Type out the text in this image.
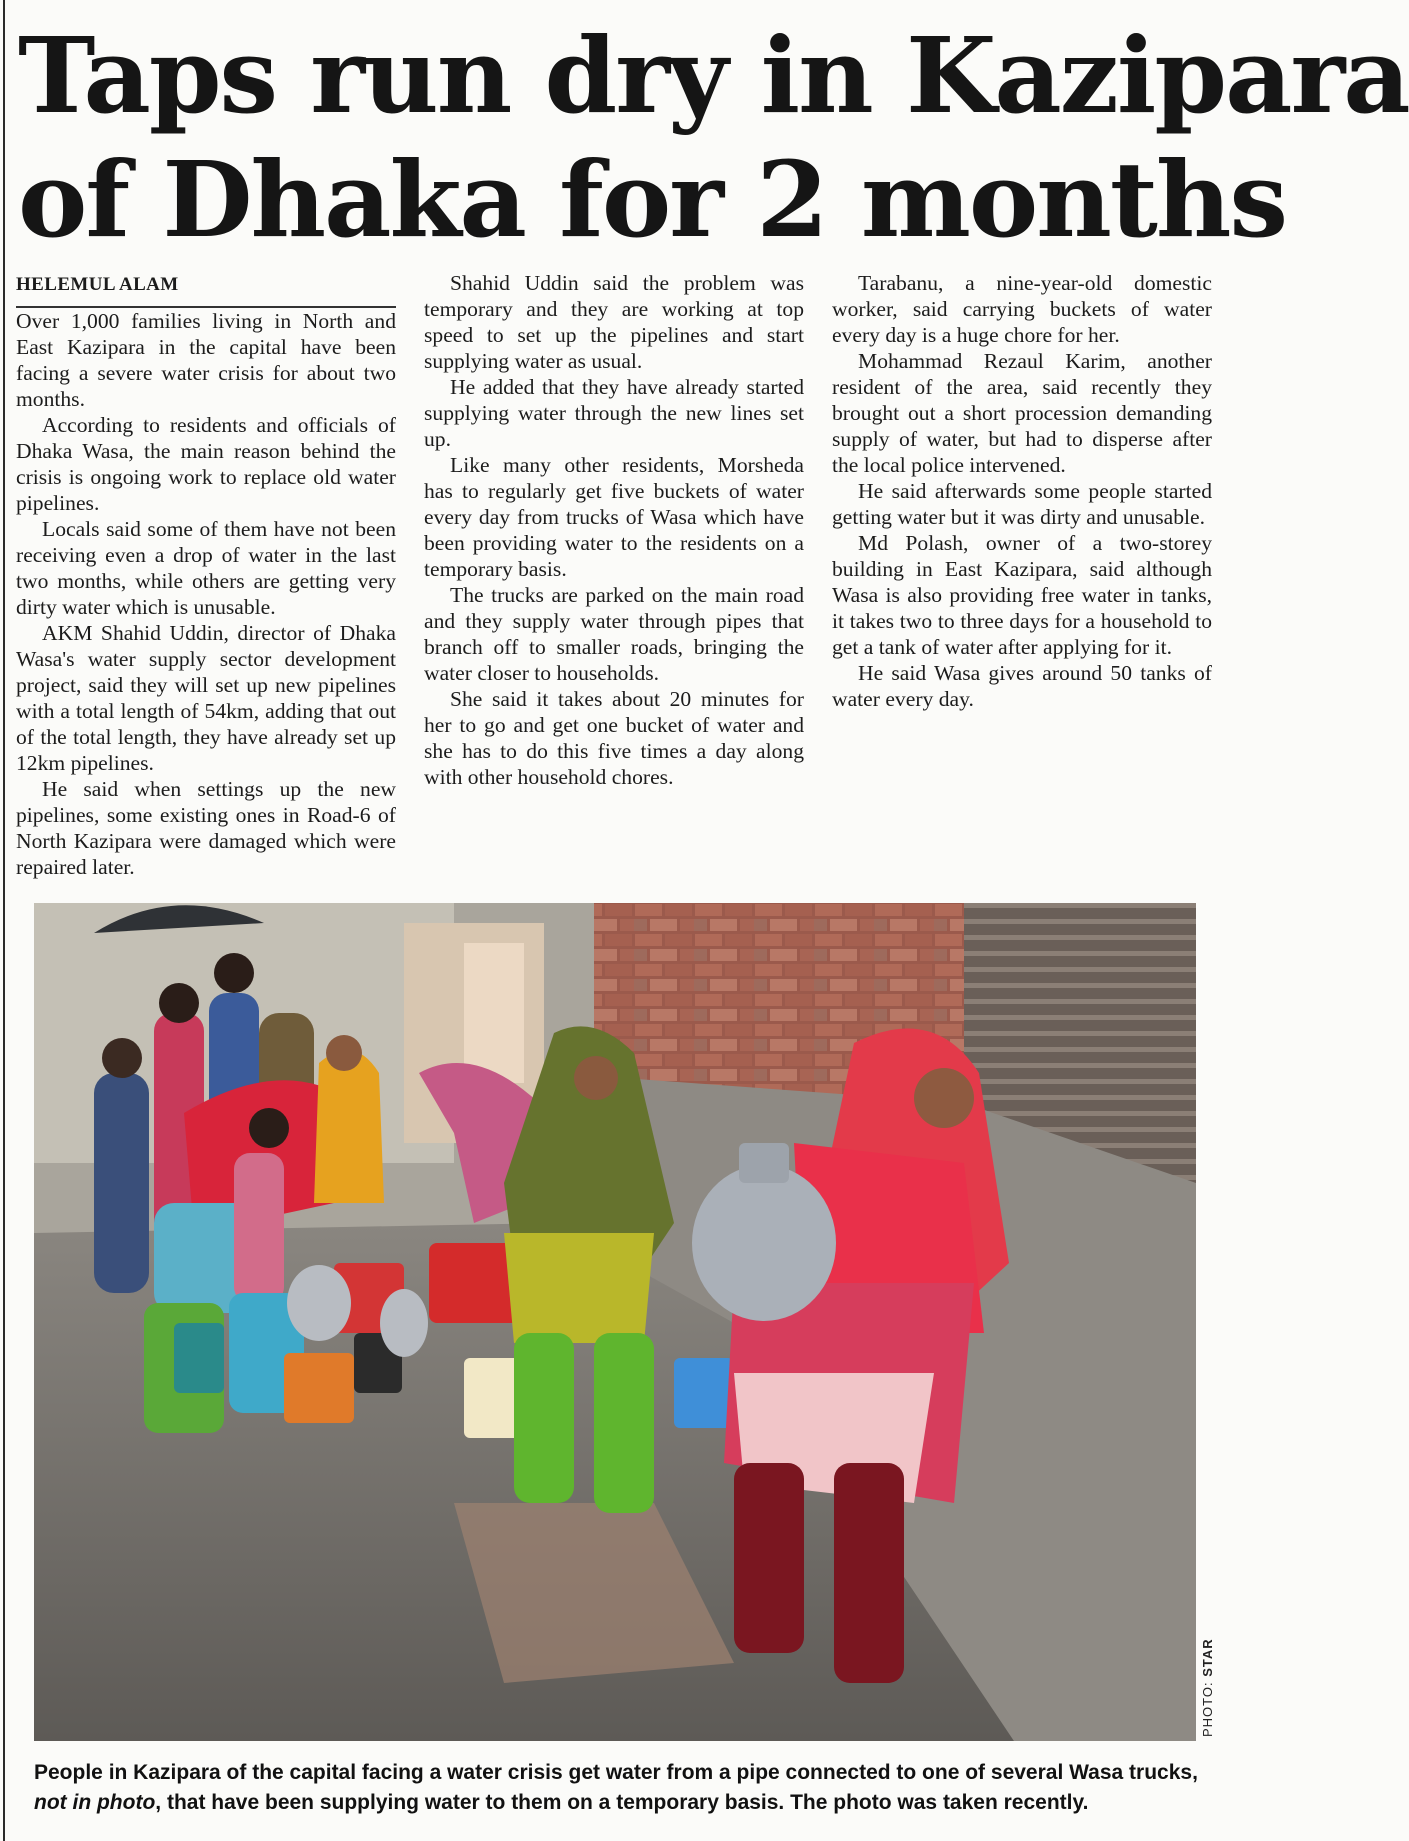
Taps run dry in Kazipara
of Dhaka for 2 months

HELEMUL ALAM

Over 1,000 families living in North and East Kazipara in the capital have been facing a severe water crisis for about two months.

According to residents and officials of Dhaka Wasa, the main reason behind the crisis is ongoing work to replace old water pipelines.

Locals said some of them have not been receiving even a drop of water in the last two months, while others are getting very dirty water which is unusable.

AKM Shahid Uddin, director of Dhaka Wasa's water supply sector development project, said they will set up new pipelines with a total length of 54km, adding that out of the total length, they have already set up 12km pipelines.

He said when settings up the new pipelines, some existing ones in Road-6 of North Kazipara were damaged which were repaired later.

Shahid Uddin said the problem was temporary and they are working at top speed to set up the pipelines and start supplying water as usual.

He added that they have already started supplying water through the new lines set up.

Like many other residents, Morsheda has to regularly get five buckets of water every day from trucks of Wasa which have been providing water to the residents on a temporary basis.

The trucks are parked on the main road and they supply water through pipes that branch off to smaller roads, bringing the water closer to households.

She said it takes about 20 minutes for her to go and get one bucket of water and she has to do this five times a day along with other household chores.

Tarabanu, a nine-year-old domestic worker, said carrying buckets of water every day is a huge chore for her.

Mohammad Rezaul Karim, another resident of the area, said recently they brought out a short procession demanding supply of water, but had to disperse after the local police intervened.

He said afterwards some people started getting water but it was dirty and unusable.

Md Polash, owner of a two-storey building in East Kazipara, said although Wasa is also providing free water in tanks, it takes two to three days for a household to get a tank of water after applying for it.

He said Wasa gives around 50 tanks of water every day.

PHOTO: STAR
People in Kazipara of the capital facing a water crisis get water from a pipe connected to one of several Wasa trucks, not in photo, that have been supplying water to them on a temporary basis. The photo was taken recently.
